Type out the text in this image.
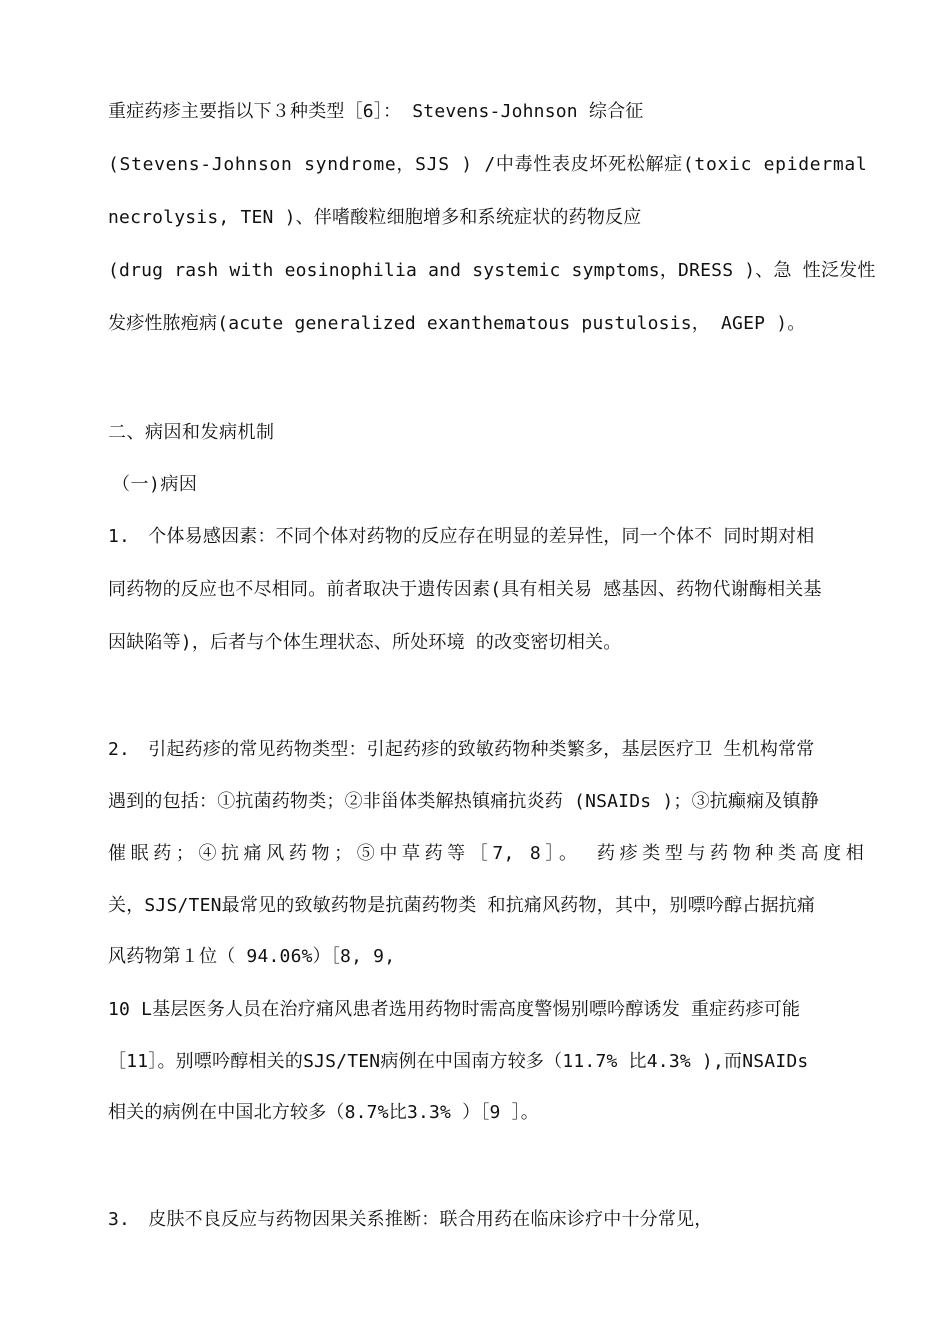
重症药疹主要指以下３种类型［6］： Stevens-Johnson 综合征
(Stevens-Johnson syndrome，SJS ) /中毒性表皮坏死松解症(toxic epidermal
necrolysis, TEN )、伴嗜酸粒细胞增多和系统症状的药物反应
(drug rash with eosinophilia and systemic symptoms，DRESS )、急 性泛发性
发疹性脓疱病(acute generalized exanthematous pustulosis， AGEP )。
二、病因和发病机制
（一)病因
1.　个体易感因素：不同个体对药物的反应存在明显的差异性，同一个体不 同时期对相
同药物的反应也不尽相同。前者取决于遗传因素(具有相关易 感基因、药物代谢酶相关基
因缺陷等)，后者与个体生理状态、所处环境 的改变密切相关。
2.　引起药疹的常见药物类型：引起药疹的致敏药物种类繁多，基层医疗卫 生机构常常
遇到的包括：①抗菌药物类；②非甾体类解热镇痛抗炎药 (NSAIDs )；③抗癫痫及镇静
催眠药；④抗痛风药物；⑤中草药等［7, 8］。 药疹类型与药物种类高度相
关，SJS/TEN最常见的致敏药物是抗菌药物类 和抗痛风药物，其中，别嘌吟醇占据抗痛
风药物第１位（ 94.06%）［8, 9,
10 L基层医务人员在治疗痛风患者选用药物时需高度警惕别嘌吟醇诱发 重症药疹可能
［11］。别嘌吟醇相关的SJS/TEN病例在中国南方较多（11.7% 比4.3% ),而NSAIDs
相关的病例在中国北方较多（8.7%比3.3% ）［9 ］。
3.　皮肤不良反应与药物因果关系推断：联合用药在临床诊疗中十分常见，
